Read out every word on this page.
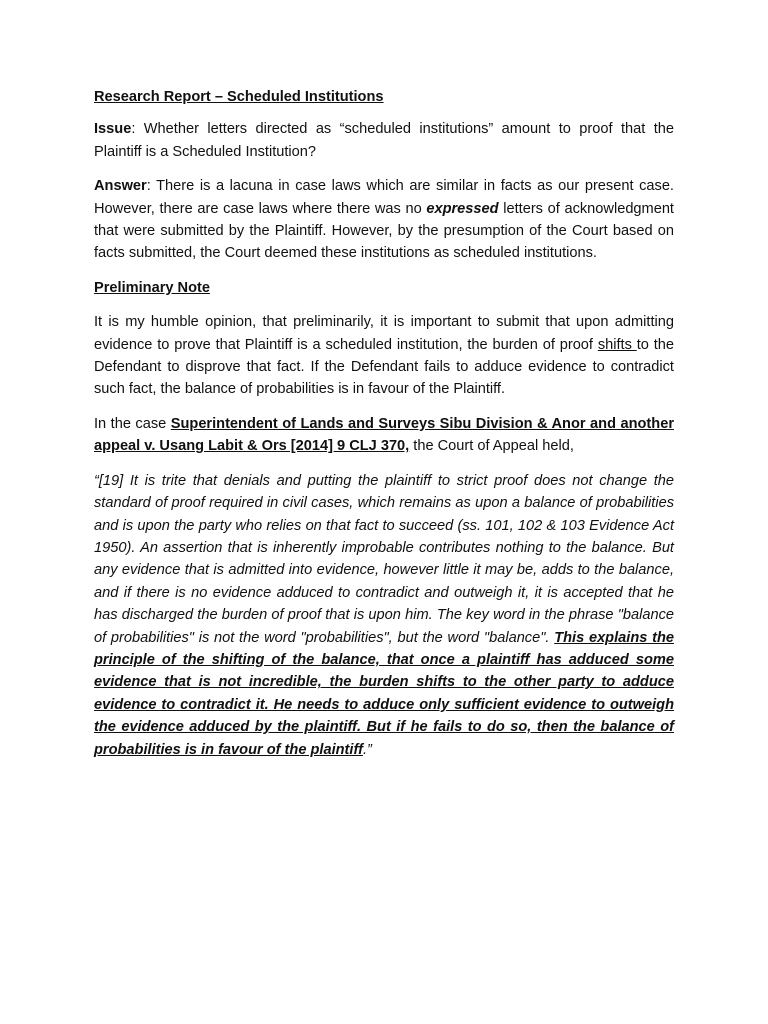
Research Report – Scheduled Institutions

Issue: Whether letters directed as “scheduled institutions” amount to proof that the Plaintiff is a Scheduled Institution?

Answer: There is a lacuna in case laws which are similar in facts as our present case. However, there are case laws where there was no expressed letters of acknowledgment that were submitted by the Plaintiff. However, by the presumption of the Court based on facts submitted, the Court deemed these institutions as scheduled institutions.

Preliminary Note

It is my humble opinion, that preliminarily, it is important to submit that upon admitting evidence to prove that Plaintiff is a scheduled institution, the burden of proof shifts to the Defendant to disprove that fact. If the Defendant fails to adduce evidence to contradict such fact, the balance of probabilities is in favour of the Plaintiff.

In the case Superintendent of Lands and Surveys Sibu Division & Anor and another appeal v. Usang Labit & Ors [2014] 9 CLJ 370, the Court of Appeal held,

“[19] It is trite that denials and putting the plaintiff to strict proof does not change the standard of proof required in civil cases, which remains as upon a balance of probabilities and is upon the party who relies on that fact to succeed (ss. 101, 102 & 103 Evidence Act 1950). An assertion that is inherently improbable contributes nothing to the balance. But any evidence that is admitted into evidence, however little it may be, adds to the balance, and if there is no evidence adduced to contradict and outweigh it, it is accepted that he has discharged the burden of proof that is upon him. The key word in the phrase "balance of probabilities" is not the word "probabilities", but the word "balance". This explains the principle of the shifting of the balance, that once a plaintiff has adduced some evidence that is not incredible, the burden shifts to the other party to adduce evidence to contradict it. He needs to adduce only sufficient evidence to outweigh the evidence adduced by the plaintiff. But if he fails to do so, then the balance of probabilities is in favour of the plaintiff.”
